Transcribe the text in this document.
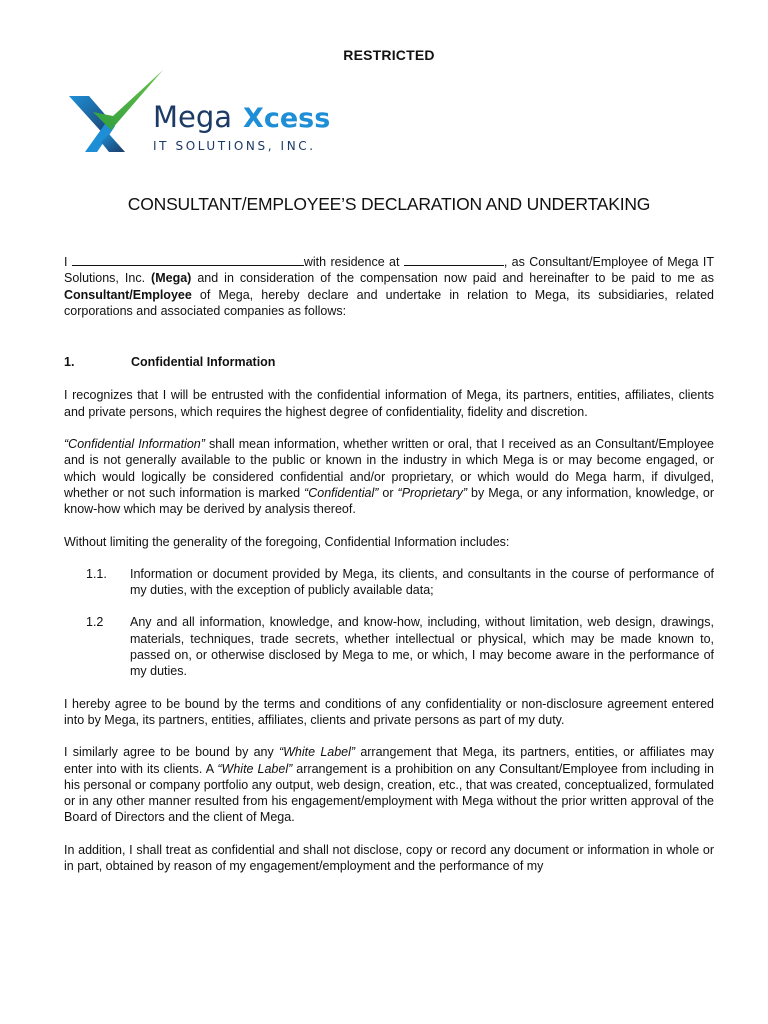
RESTRICTED
Mega Xcess
IT SOLUTIONS, INC.
CONSULTANT/EMPLOYEE’S DECLARATION AND UNDERTAKING

I	with residence at	, as Consultant/Employee of Mega IT Solutions, Inc. (Mega) and in consideration of the compensation now paid and hereinafter to be paid to me as Consultant/Employee of Mega, hereby declare and undertake in relation to Mega, its subsidiaries, related corporations and associated companies as follows:

1.	Confidential Information

I recognizes that I will be entrusted with the confidential information of Mega, its partners, entities, affiliates, clients and private persons, which requires the highest degree of confidentiality, fidelity and discretion.

“Confidential Information” shall mean information, whether written or oral, that I received as an Consultant/Employee and is not generally available to the public or known in the industry in which Mega is or may become engaged, or which would logically be considered confidential and/or proprietary, or which would do Mega harm, if divulged, whether or not such information is marked “Confidential” or “Proprietary” by Mega, or any information, knowledge, or know-how which may be derived by analysis thereof.

Without limiting the generality of the foregoing, Confidential Information includes:

1.1.	Information or document provided by Mega, its clients, and consultants in the course of performance of my duties, with the exception of publicly available data;
1.2	Any and all information, knowledge, and know-how, including, without limitation, web design, drawings, materials, techniques, trade secrets, whether intellectual or physical, which may be made known to, passed on, or otherwise disclosed by Mega to me, or which, I may become aware in the performance of my duties.

I hereby agree to be bound by the terms and conditions of any confidentiality or non-disclosure agreement entered into by Mega, its partners, entities, affiliates, clients and private persons as part of my duty.

I similarly agree to be bound by any “White Label” arrangement that Mega, its partners, entities, or affiliates may enter into with its clients. A “White Label” arrangement is a prohibition on any Consultant/Employee from including in his personal or company portfolio any output, web design, creation, etc., that was created, conceptualized, formulated or in any other manner resulted from his engagement/employment with Mega without the prior written approval of the Board of Directors and the client of Mega.

In addition, I shall treat as confidential and shall not disclose, copy or record any document or information in whole or in part, obtained by reason of my engagement/employment and the performance of my
